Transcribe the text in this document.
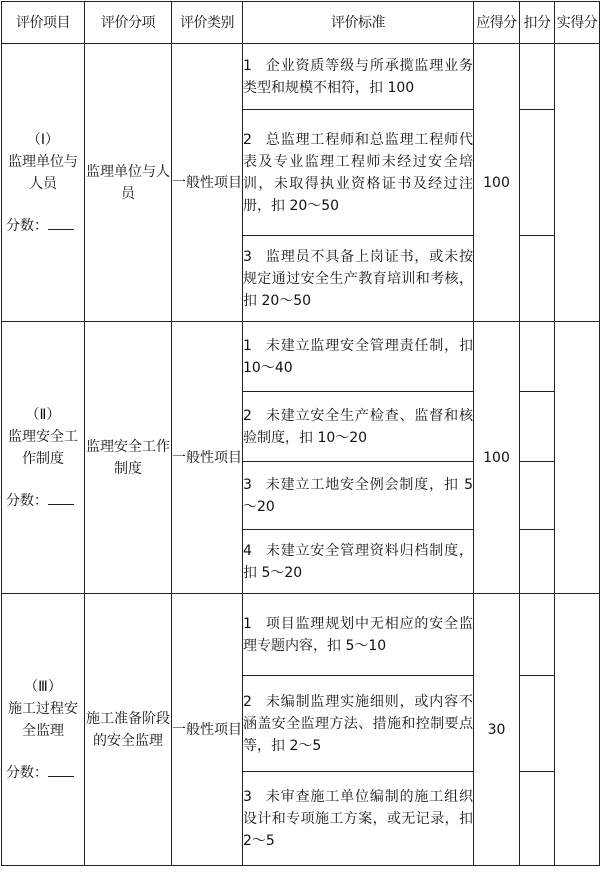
评价项目	评价分项	评价类别	评价标准	应得分	扣分	实得分

（Ⅰ）
监理单位与人员
分数：	监理单位与人员	一般性项目	1 企业资质等级与所承揽监理业务类型和规模不相符，扣 100	100		
			2 总监理工程师和总监理工程师代表及专业监理工程师未经过安全培训，未取得执业资格证书及经过注册，扣 20～50			
			3 监理员不具备上岗证书，或未按规定通过安全生产教育培训和考核，扣 20～50			

（Ⅱ）
监理安全工作制度
分数：	监理安全工作制度	一般性项目	1 未建立监理安全管理责任制，扣 10～40	100		
			2 未建立安全生产检查、监督和核验制度，扣 10～20			
			3 未建立工地安全例会制度，扣 5～20			
			4 未建立安全管理资料归档制度，扣 5～20			

（Ⅲ）
施工过程安全监理
分数：	施工准备阶段的安全监理	一般性项目	1 项目监理规划中无相应的安全监理专题内容，扣 5～10	30		
			2 未编制监理实施细则，或内容不涵盖安全监理方法、措施和控制要点等，扣 2～5			
			3 未审查施工单位编制的施工组织设计和专项施工方案，或无记录，扣 2～5			
